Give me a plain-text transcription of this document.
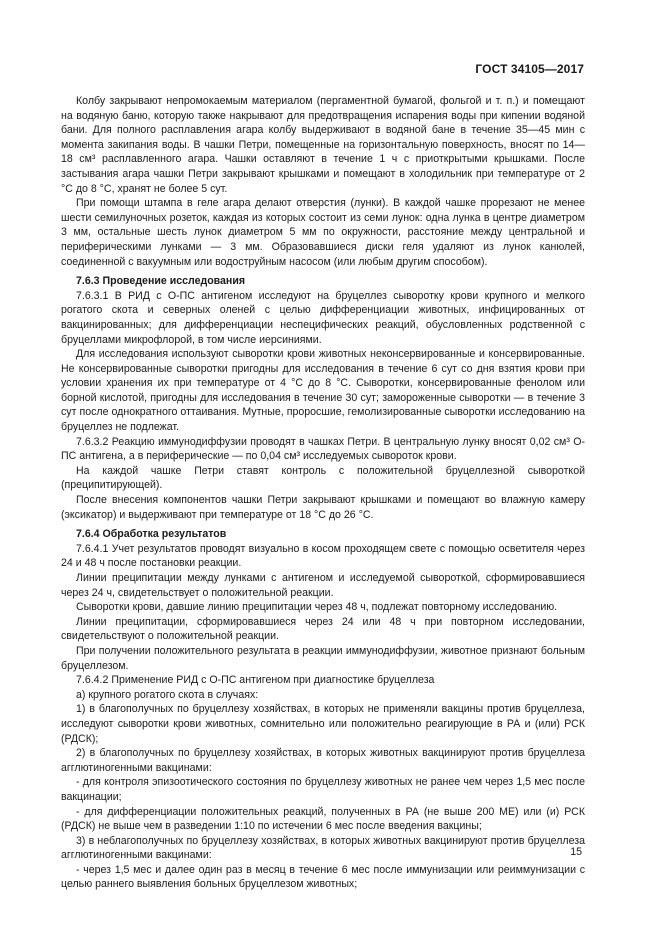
ГОСТ 34105—2017

Колбу закрывают непромокаемым материалом (пергаментной бумагой, фольгой и т. п.) и помещают на водяную баню, которую также накрывают для предотвращения испарения воды при кипении водяной бани. Для полного расплавления агара колбу выдерживают в водяной бане в течение 35—45 мин с момента закипания воды. В чашки Петри, помещенные на горизонтальную поверхность, вносят по 14—18 см³ расплавленного агара. Чашки оставляют в течение 1 ч с приоткрытыми крышками. После застывания агара чашки Петри закрывают крышками и помещают в холодильник при температуре от 2 °С до 8 °С, хранят не более 5 сут.

При помощи штампа в геле агара делают отверстия (лунки). В каждой чашке прорезают не менее шести семилуночных розеток, каждая из которых состоит из семи лунок: одна лунка в центре диаметром 3 мм, остальные шесть лунок диаметром 5 мм по окружности, расстояние между центральной и периферическими лунками — 3 мм. Образовавшиеся диски геля удаляют из лунок канюлей, соединенной с вакуумным или водоструйным насосом (или любым другим способом).

7.6.3 Проведение исследования

7.6.3.1 В РИД с О-ПС антигеном исследуют на бруцеллез сыворотку крови крупного и мелкого рогатого скота и северных оленей с целью дифференциации животных, инфицированных от вакцинированных; для дифференциации неспецифических реакций, обусловленных родственной с бруцеллами микрофлорой, в том числе иерсиниями.

Для исследования используют сыворотки крови животных неконсервированные и консервированные. Не консервированные сыворотки пригодны для исследования в течение 6 сут со дня взятия крови при условии хранения их при температуре от 4 °С до 8 °С. Сыворотки, консервированные фенолом или борной кислотой, пригодны для исследования в течение 30 сут; замороженные сыворотки — в течение 3 сут после однократного оттаивания. Мутные, проросшие, гемолизированные сыворотки исследованию на бруцеллез не подлежат.

7.6.3.2 Реакцию иммунодиффузии проводят в чашках Петри. В центральную лунку вносят 0,02 см³ О-ПС антигена, а в периферические — по 0,04 см³ исследуемых сывороток крови.

На каждой чашке Петри ставят контроль с положительной бруцеллезной сывороткой (преципитирующей).

После внесения компонентов чашки Петри закрывают крышками и помещают во влажную камеру (эксикатор) и выдерживают при температуре от 18 °С до 26 °С.

7.6.4 Обработка результатов

7.6.4.1 Учет результатов проводят визуально в косом проходящем свете с помощью осветителя через 24 и 48 ч после постановки реакции.

Линии преципитации между лунками с антигеном и исследуемой сывороткой, сформировавшиеся через 24 ч, свидетельствует о положительной реакции.

Сыворотки крови, давшие линию преципитации через 48 ч, подлежат повторному исследованию.

Линии преципитации, сформировавшиеся через 24 или 48 ч при повторном исследовании, свидетельствуют о положительной реакции.

При получении положительного результата в реакции иммунодиффузии, животное признают больным бруцеллезом.

7.6.4.2 Применение РИД с О-ПС антигеном при диагностике бруцеллеза

а) крупного рогатого скота в случаях:

1) в благополучных по бруцеллезу хозяйствах, в которых не применяли вакцины против бруцеллеза, исследуют сыворотки крови животных, сомнительно или положительно реагирующие в РА и (или) РСК (РДСК);

2) в благополучных по бруцеллезу хозяйствах, в которых животных вакцинируют против бруцеллеза агглютиногенными вакцинами:

- для контроля эпизоотического состояния по бруцеллезу животных не ранее чем через 1,5 мес после вакцинации;

- для дифференциации положительных реакций, полученных в РА (не выше 200 МЕ) или (и) РСК (РДСК) не выше чем в разведении 1:10 по истечении 6 мес после введения вакцины;

3) в неблагополучных по бруцеллезу хозяйствах, в которых животных вакцинируют против бруцеллеза агглютиногенными вакцинами:

- через 1,5 мес и далее один раз в месяц в течение 6 мес после иммунизации или реиммунизации с целью раннего выявления больных бруцеллезом животных;

15
